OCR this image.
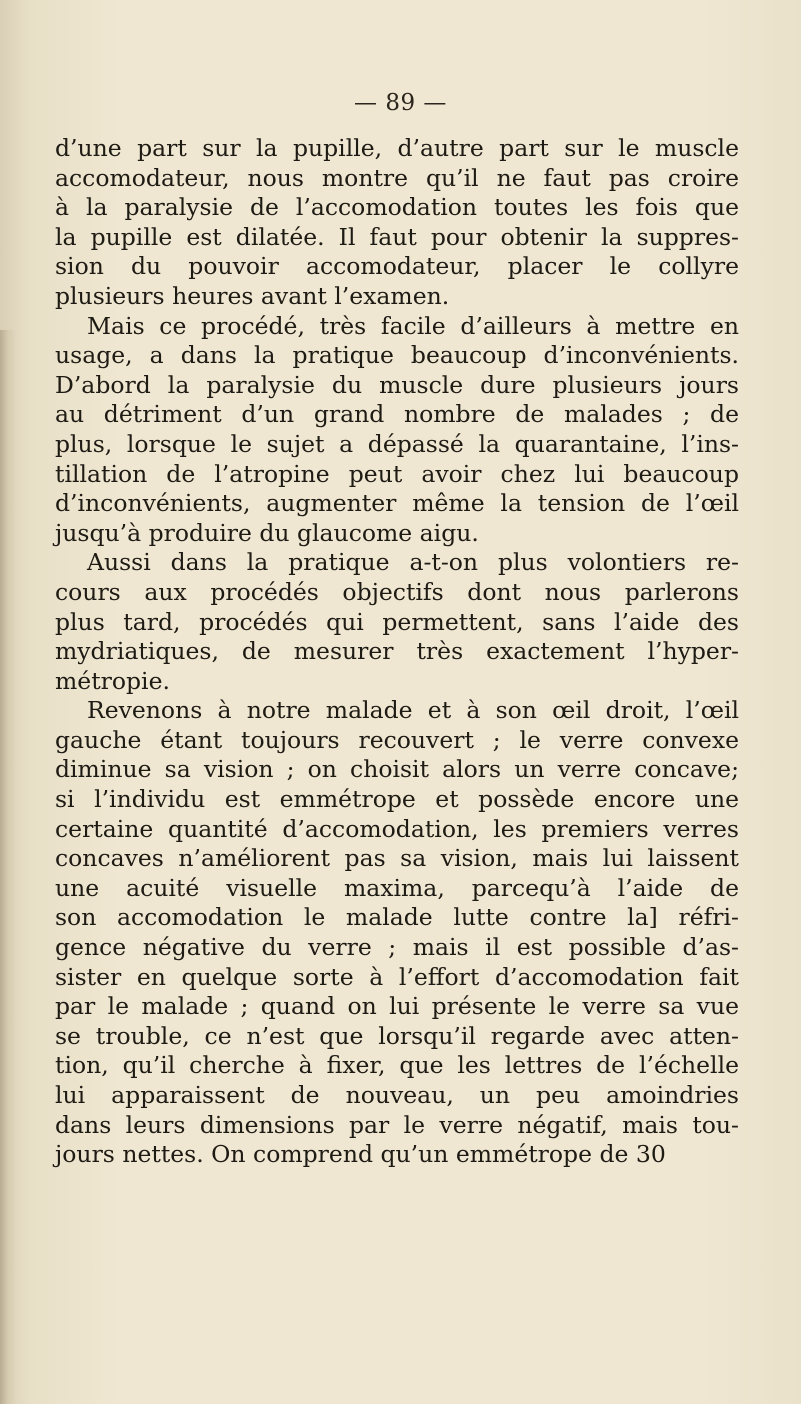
— 89 —
d’une part sur la pupille, d’autre part sur le muscle
accomodateur, nous montre qu’il ne faut pas croire
à la paralysie de l’accomodation toutes les fois que
la pupille est dilatée. Il faut pour obtenir la suppres-
sion du pouvoir accomodateur, placer le collyre
plusieurs heures avant l’examen.
Mais ce procédé, très facile d’ailleurs à mettre en
usage, a dans la pratique beaucoup d’inconvénients.
D’abord la paralysie du muscle dure plusieurs jours
au détriment d’un grand nombre de malades ; de
plus, lorsque le sujet a dépassé la quarantaine, l’ins-
tillation de l’atropine peut avoir chez lui beaucoup
d’inconvénients, augmenter même la tension de l’œil
jusqu’à produire du glaucome aigu.
Aussi dans la pratique a-t-on plus volontiers re-
cours aux procédés objectifs dont nous parlerons
plus tard, procédés qui permettent, sans l’aide des
mydriatiques, de mesurer très exactement l’hyper-
métropie.
Revenons à notre malade et à son œil droit, l’œil
gauche étant toujours recouvert ; le verre convexe
diminue sa vision ; on choisit alors un verre concave;
si l’individu est emmétrope et possède encore une
certaine quantité d’accomodation, les premiers verres
concaves n’améliorent pas sa vision, mais lui laissent
une acuité visuelle maxima, parcequ’à l’aide de
son accomodation le malade lutte contre la] réfri-
gence négative du verre ; mais il est possible d’as-
sister en quelque sorte à l’effort d’accomodation fait
par le malade ; quand on lui présente le verre sa vue
se trouble, ce n’est que lorsqu’il regarde avec atten-
tion, qu’il cherche à fixer, que les lettres de l’échelle
lui apparaissent de nouveau, un peu amoindries
dans leurs dimensions par le verre négatif, mais tou-
jours nettes. On comprend qu’un emmétrope de 30
